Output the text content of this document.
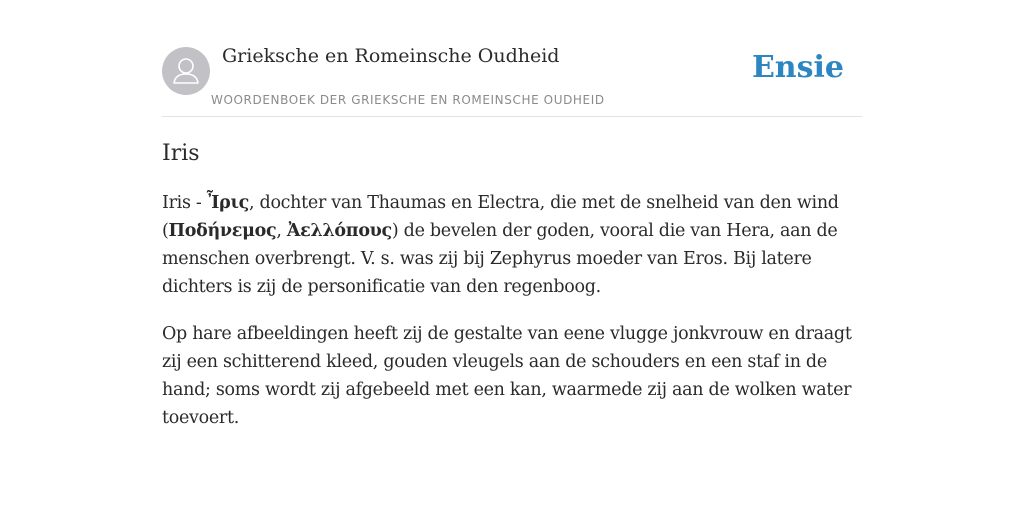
Grieksche en Romeinsche Oudheid
WOORDENBOEK DER GRIEKSCHE EN ROMEINSCHE OUDHEID
Ensie
Iris

Iris - Ἶρις, dochter van Thaumas en Electra, die met de snelheid van den wind (Ποδήνεμος, Ἀελλόπους) de bevelen der goden, vooral die van Hera, aan de menschen overbrengt. V. s. was zij bij Zephyrus moeder van Eros. Bij latere dichters is zij de personificatie van den regenboog.

Op hare afbeeldingen heeft zij de gestalte van eene vlugge jonkvrouw en draagt zij een schitterend kleed, gouden vleugels aan de schouders en een staf in de hand; soms wordt zij afgebeeld met een kan, waarmede zij aan de wolken water toevoert.
